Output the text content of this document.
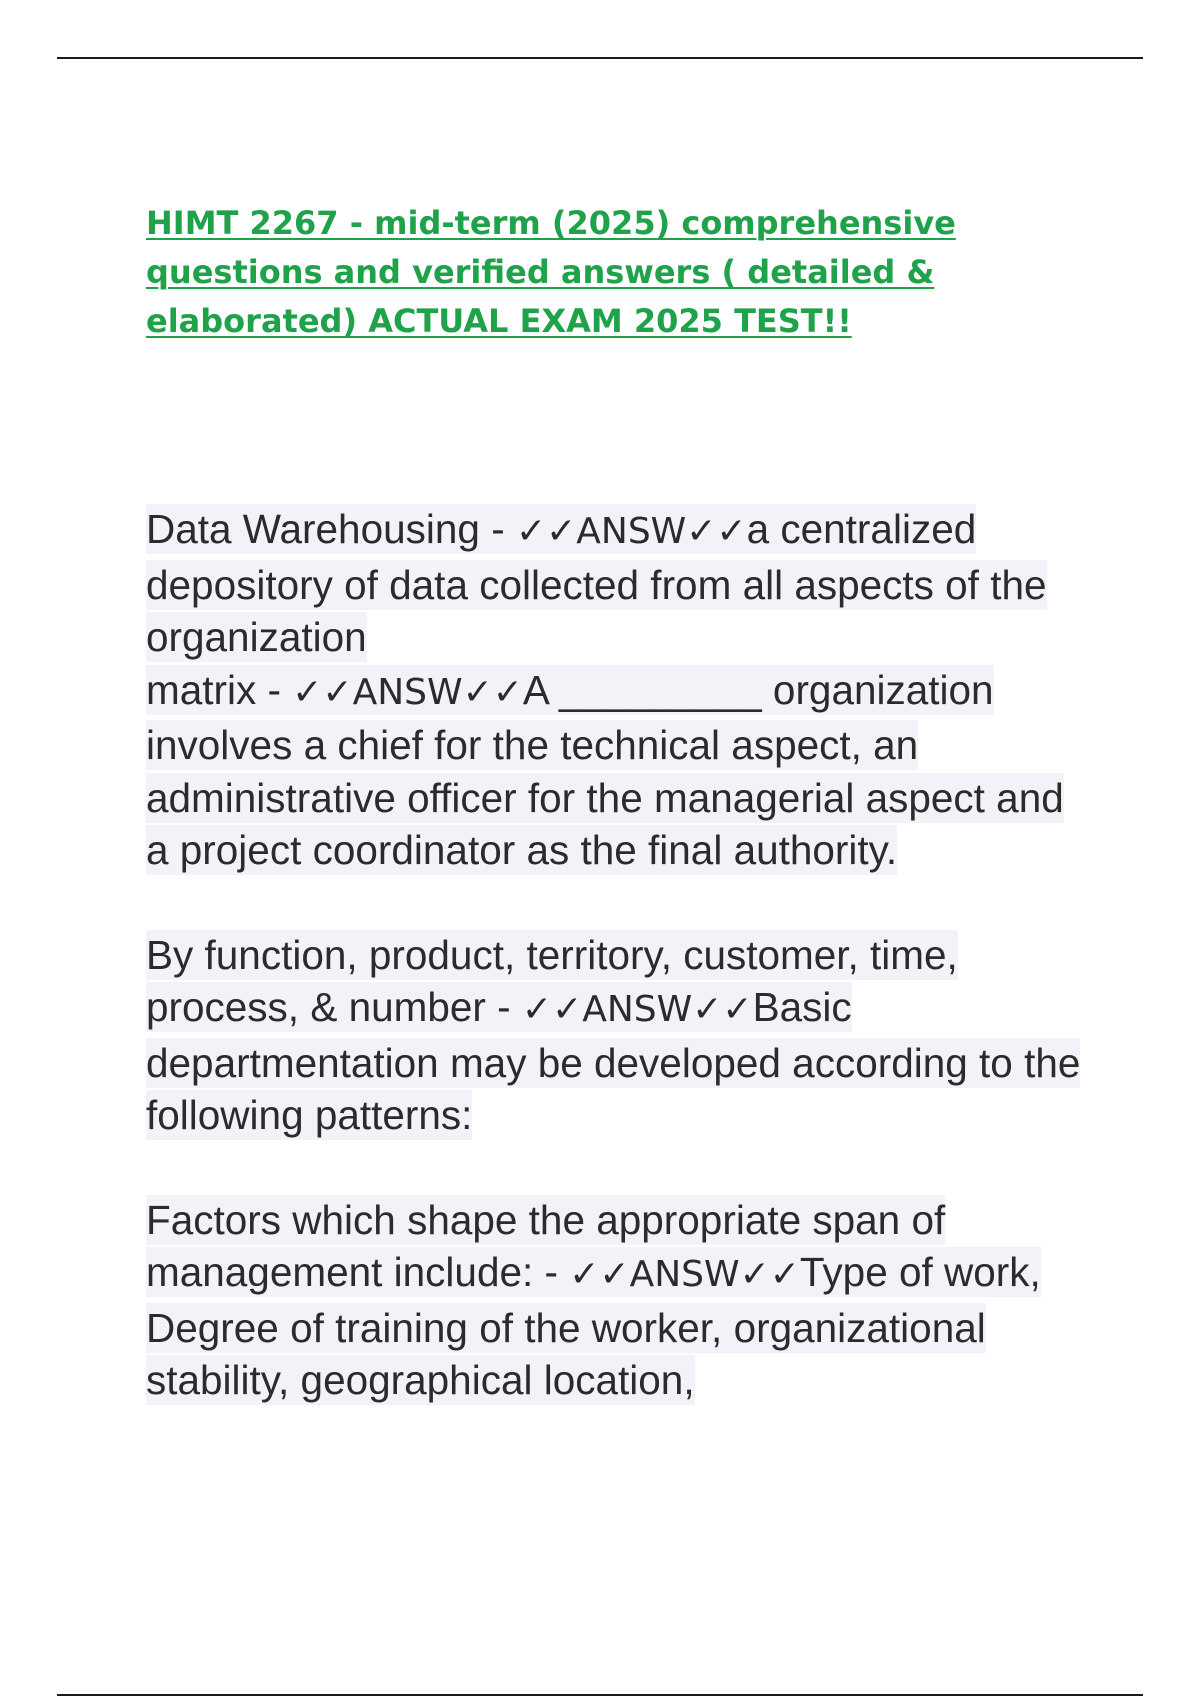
HIMT 2267 - mid-term (2025) comprehensive questions and verified answers ( detailed & elaborated) ACTUAL EXAM 2025 TEST!!
Data Warehousing - ✓✓ANSW✓✓a centralized depository of data collected from all aspects of the organization
matrix - ✓✓ANSW✓✓A _________ organization involves a chief for the technical aspect, an administrative officer for the managerial aspect and a project coordinator as the final authority.
By function, product, territory, customer, time, process, & number - ✓✓ANSW✓✓Basic departmentation may be developed according to the following patterns:
Factors which shape the appropriate span of management include: - ✓✓ANSW✓✓Type of work, Degree of training of the worker, organizational stability, geographical location,
